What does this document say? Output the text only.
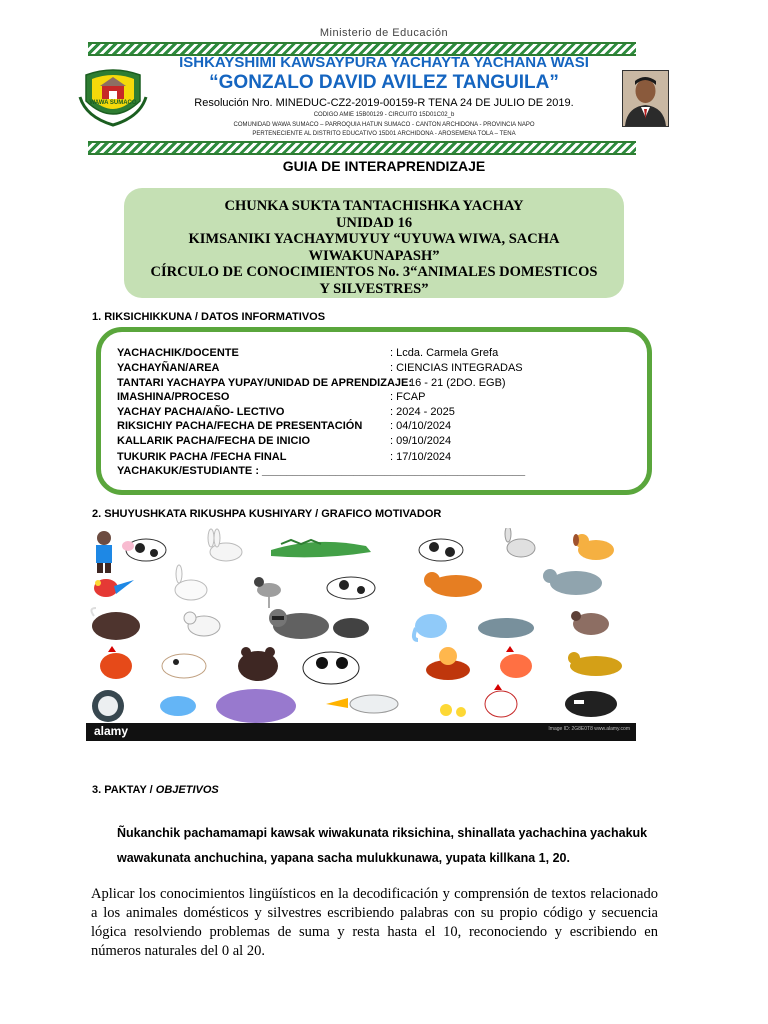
Ministerio de Educación
ISHKAYSHIMI KAWSAYPURA YACHAYTA YACHANA WASI
“GONZALO DAVID AVILEZ TANGUILA”
Resolución Nro. MINEDUC-CZ2-2019-00159-R TENA 24 DE JULIO DE 2019.
CODIGO AMIE 15B00129 - CIRCUITO 15D01C02_b
COMUNIDAD WAWA SUMACO – PARROQUIA HATUN SUMACO - CANTON ARCHIDONA - PROVINCIA NAPO
PERTENECIENTE AL DISTRITO EDUCATIVO 15D01 ARCHIDONA - AROSEMENA TOLA – TENA
WAWA SUMACO
GUIA DE INTERAPRENDIZAJE
CHUNKA SUKTA TANTACHISHKA YACHAY
UNIDAD 16
KIMSANIKI YACHAYMUYUY “UYUWA WIWA, SACHA
WIWAKUNAPASH”
CÍRCULO DE CONOCIMIENTOS No. 3“ANIMALES DOMESTICOS
Y SILVESTRES”
1. RIKSICHIKKUNA / DATOS INFORMATIVOS
YACHACHIK/DOCENTE	: Lcda. Carmela Grefa
YACHAYÑAN/AREA	: CIENCIAS INTEGRADAS
TANTARI YACHAYPA YUPAY/UNIDAD DE APRENDIZAJE:
16 - 21 (2DO. EGB)
IMASHINA/PROCESO	: FCAP
YACHAY PACHA/AÑO- LECTIVO	: 2024 - 2025
RIKSICHIY PACHA/FECHA DE PRESENTACIÓN	: 04/10/2024
KALLARIK PACHA/FECHA DE INICIO	: 09/10/2024
TUKURIK PACHA /FECHA FINAL	: 17/10/2024
YACHAKUK/ESTUDIANTE : ___________________________________________
2. SHUYUSHKATA RIKUSHPA KUSHIYARY / GRAFICO MOTIVADOR
alamy	Image ID: 2G8E0T8 www.alamy.com
3. PAKTAY / OBJETIVOS
Ñukanchik pachamamapi kawsak wiwakunata riksichina, shinallata yachachina yachakuk
wawakunata anchuchina, yapana sacha mulukkunawa, yupata killkana 1, 20.
Aplicar los conocimientos lingüísticos en la decodificación y comprensión de textos relacionado a los animales domésticos y silvestres escribiendo palabras con su propio código y secuencia lógica resolviendo problemas de suma y resta hasta el 10, reconociendo y escribiendo en números naturales del 0 al 20.
